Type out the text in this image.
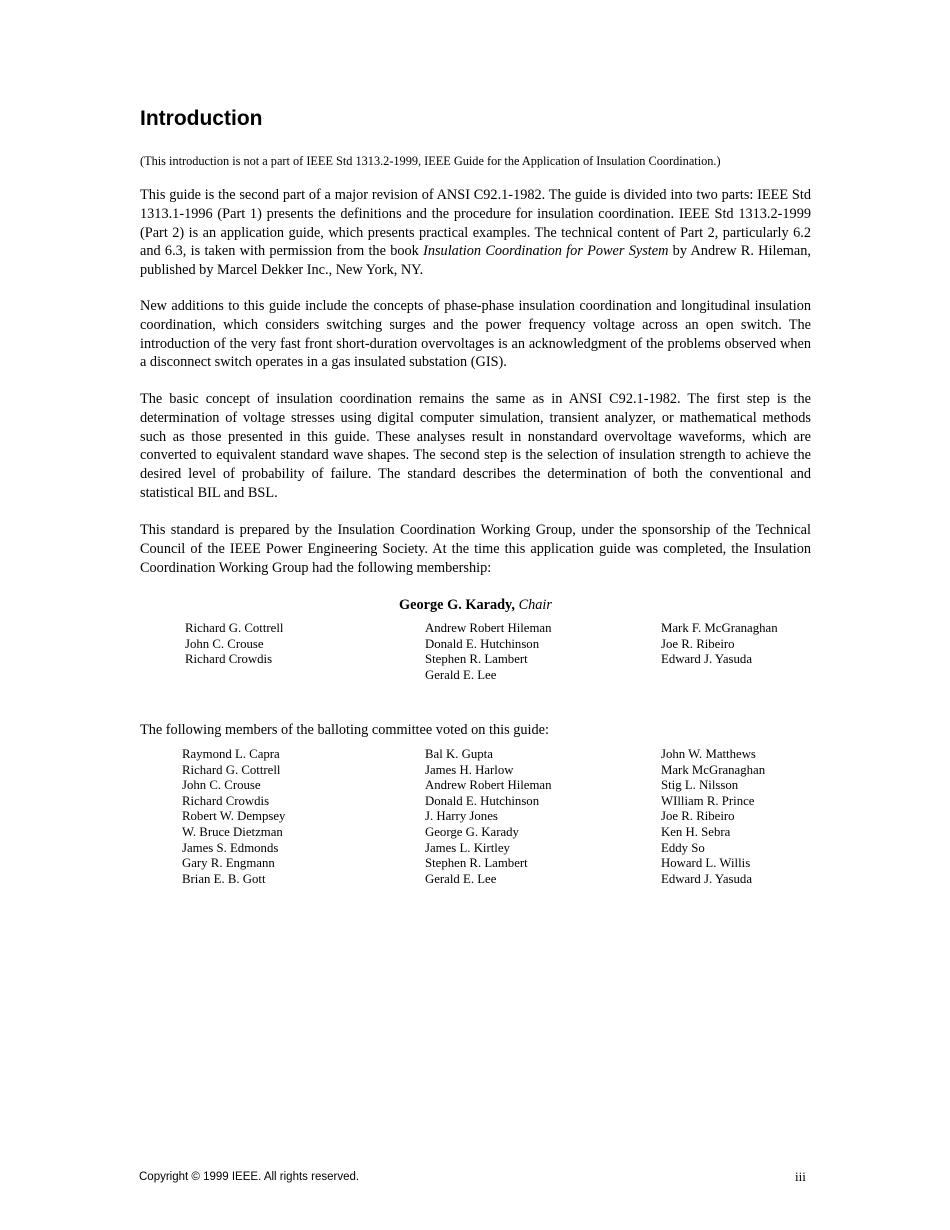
Introduction

(This introduction is not a part of IEEE Std 1313.2-1999, IEEE Guide for the Application of Insulation Coordination.)

This guide is the second part of a major revision of ANSI C92.1-1982. The guide is divided into two parts: IEEE Std 1313.1-1996 (Part 1) presents the definitions and the procedure for insulation coordination. IEEE Std 1313.2-1999 (Part 2) is an application guide, which presents practical examples. The technical content of Part 2, particularly 6.2 and 6.3, is taken with permission from the book Insulation Coordination for Power System by Andrew R. Hileman, published by Marcel Dekker Inc., New York, NY.

New additions to this guide include the concepts of phase-phase insulation coordination and longitudinal insulation coordination, which considers switching surges and the power frequency voltage across an open switch. The introduction of the very fast front short-duration overvoltages is an acknowledgment of the problems observed when a disconnect switch operates in a gas insulated substation (GIS).

The basic concept of insulation coordination remains the same as in ANSI C92.1-1982. The first step is the determination of voltage stresses using digital computer simulation, transient analyzer, or mathematical methods such as those presented in this guide. These analyses result in nonstandard overvoltage waveforms, which are converted to equivalent standard wave shapes. The second step is the selection of insulation strength to achieve the desired level of probability of failure. The standard describes the determination of both the conventional and statistical BIL and BSL.

This standard is prepared by the Insulation Coordination Working Group, under the sponsorship of the Technical Council of the IEEE Power Engineering Society. At the time this application guide was completed, the Insulation Coordination Working Group had the following membership:

George G. Karady, Chair

Richard G. Cottrell
John C. Crouse
Richard Crowdis
Andrew Robert Hileman
Donald E. Hutchinson
Stephen R. Lambert
Gerald E. Lee
Mark F. McGranaghan
Joe R. Ribeiro
Edward J. Yasuda

The following members of the balloting committee voted on this guide:

Raymond L. Capra
Richard G. Cottrell
John C. Crouse
Richard Crowdis
Robert W. Dempsey
W. Bruce Dietzman
James S. Edmonds
Gary R. Engmann
Brian E. B. Gott
Bal K. Gupta
James H. Harlow
Andrew Robert Hileman
Donald E. Hutchinson
J. Harry Jones
George G. Karady
James L. Kirtley
Stephen R. Lambert
Gerald E. Lee
John W. Matthews
Mark McGranaghan
Stig L. Nilsson
WIlliam R. Prince
Joe R. Ribeiro
Ken H. Sebra
Eddy So
Howard L. Willis
Edward J. Yasuda
Copyright © 1999 IEEE. All rights reserved.	iii
